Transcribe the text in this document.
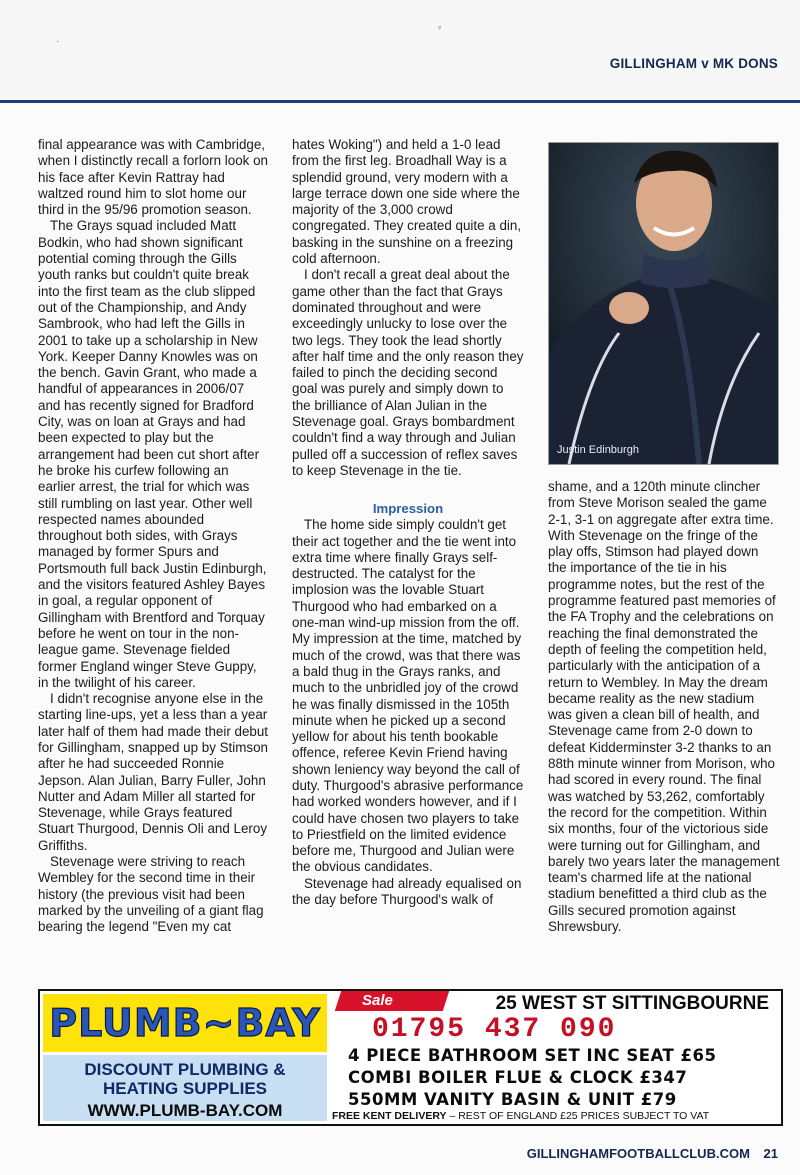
·
⸗
GILLINGHAM v MK DONS

final appearance was with Cambridge, when I distinctly recall a forlorn look on his face after Kevin Rattray had waltzed round him to slot home our third in the 95/96 promotion season.

The Grays squad included Matt Bodkin, who had shown significant potential coming through the Gills youth ranks but couldn't quite break into the first team as the club slipped out of the Championship, and Andy Sambrook, who had left the Gills in 2001 to take up a scholarship in New York. Keeper Danny Knowles was on the bench. Gavin Grant, who made a handful of appearances in 2006/07 and has recently signed for Bradford City, was on loan at Grays and had been expected to play but the arrangement had been cut short after he broke his curfew following an earlier arrest, the trial for which was still rumbling on last year. Other well respected names abounded throughout both sides, with Grays managed by former Spurs and Portsmouth full back Justin Edinburgh, and the visitors featured Ashley Bayes in goal, a regular opponent of Gillingham with Brentford and Torquay before he went on tour in the non-league game. Stevenage fielded former England winger Steve Guppy, in the twilight of his career.

I didn't recognise anyone else in the starting line-ups, yet a less than a year later half of them had made their debut for Gillingham, snapped up by Stimson after he had succeeded Ronnie Jepson. Alan Julian, Barry Fuller, John Nutter and Adam Miller all started for Stevenage, while Grays featured Stuart Thurgood, Dennis Oli and Leroy Griffiths.

Stevenage were striving to reach Wembley for the second time in their history (the previous visit had been marked by the unveiling of a giant flag bearing the legend "Even my cat

hates Woking") and held a 1-0 lead from the first leg. Broadhall Way is a splendid ground, very modern with a large terrace down one side where the majority of the 3,000 crowd congregated. They created quite a din, basking in the sunshine on a freezing cold afternoon.

I don't recall a great deal about the game other than the fact that Grays dominated throughout and were exceedingly unlucky to lose over the two legs. They took the lead shortly after half time and the only reason they failed to pinch the deciding second goal was purely and simply down to the brilliance of Alan Julian in the Stevenage goal. Grays bombardment couldn't find a way through and Julian pulled off a succession of reflex saves to keep Stevenage in the tie.

Impression

The home side simply couldn't get their act together and the tie went into extra time where finally Grays self-destructed. The catalyst for the implosion was the lovable Stuart Thurgood who had embarked on a one-man wind-up mission from the off. My impression at the time, matched by much of the crowd, was that there was a bald thug in the Grays ranks, and much to the unbridled joy of the crowd he was finally dismissed in the 105th minute when he picked up a second yellow for about his tenth bookable offence, referee Kevin Friend having shown leniency way beyond the call of duty. Thurgood's abrasive performance had worked wonders however, and if I could have chosen two players to take to Priestfield on the limited evidence before me, Thurgood and Julian were the obvious candidates.

Stevenage had already equalised on the day before Thurgood's walk of

Justin Edinburgh

shame, and a 120th minute clincher from Steve Morison sealed the game 2-1, 3-1 on aggregate after extra time. With Stevenage on the fringe of the play offs, Stimson had played down the importance of the tie in his programme notes, but the rest of the programme featured past memories of the FA Trophy and the celebrations on reaching the final demonstrated the depth of feeling the competition held, particularly with the anticipation of a return to Wembley. In May the dream became reality as the new stadium was given a clean bill of health, and Stevenage came from 2-0 down to defeat Kidderminster 3-2 thanks to an 88th minute winner from Morison, who had scored in every round. The final was watched by 53,262, comfortably the record for the competition. Within six months, four of the victorious side were turning out for Gillingham, and barely two years later the management team's charmed life at the national stadium benefitted a third club as the Gills secured promotion against Shrewsbury.

PLUMB~BAY
DISCOUNT PLUMBING &
HEATING SUPPLIES
WWW.PLUMB-BAY.COM
Sale	25 WEST ST SITTINGBOURNE
01795 437 090
4 PIECE BATHROOM SET INC SEAT £65
COMBI BOILER FLUE & CLOCK £347
550MM VANITY BASIN & UNIT £79
FREE KENT DELIVERY – REST OF ENGLAND £25 PRICES SUBJECT TO VAT
GILLINGHAMFOOTBALLCLUB.COM 21
